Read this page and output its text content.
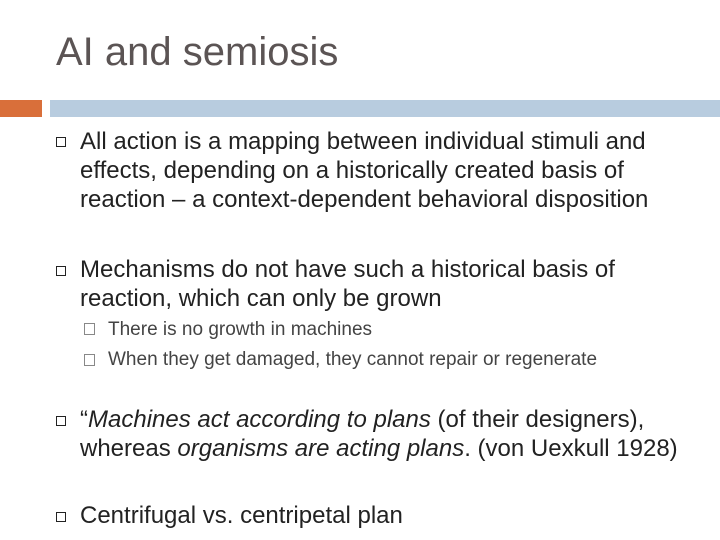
AI and semiosis
All action is a mapping between individual stimuli and effects, depending on a historically created basis of reaction – a context-dependent behavioral disposition
Mechanisms do not have such a historical basis of reaction, which can only be grown
There is no growth in machines
When they get damaged, they cannot repair or regenerate
“Machines act according to plans (of their designers), whereas organisms are acting plans. (von Uexkull 1928)
Centrifugal vs. centripetal plan
